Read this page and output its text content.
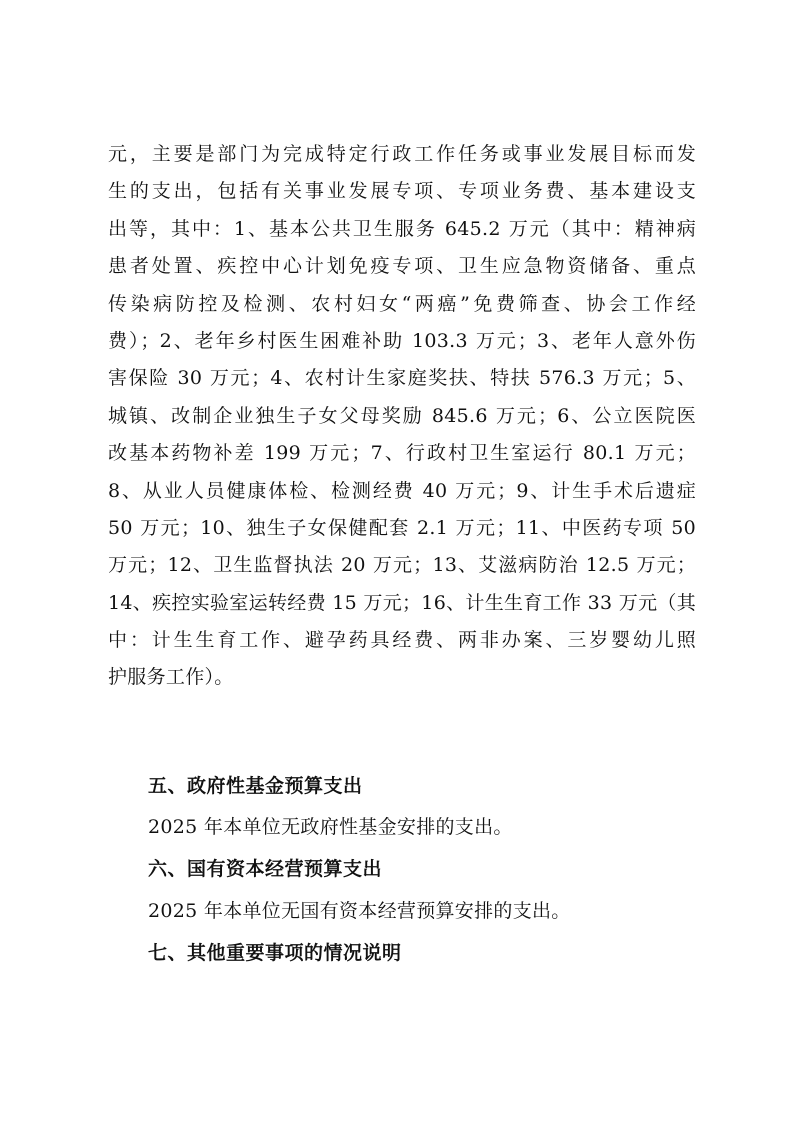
元，主要是部门为完成特定行政工作任务或事业发展目标而发
生的支出，包括有关事业发展专项、专项业务费、基本建设支
出等，其中：1、基本公共卫生服务 645.2 万元（其中：精神病
患者处置、疾控中心计划免疫专项、卫生应急物资储备、重点
传染病防控及检测、农村妇女“两癌”免费筛查、协会工作经
费）；2、老年乡村医生困难补助 103.3 万元；3、老年人意外伤
害保险 30 万元；4、农村计生家庭奖扶、特扶 576.3 万元；5、
城镇、改制企业独生子女父母奖励 845.6 万元；6、公立医院医
改基本药物补差 199 万元；7、行政村卫生室运行 80.1 万元；
8、从业人员健康体检、检测经费 40 万元；9、计生手术后遗症
50 万元；10、独生子女保健配套 2.1 万元；11、中医药专项 50
万元；12、卫生监督执法 20 万元；13、艾滋病防治 12.5 万元；
14、疾控实验室运转经费 15 万元；16、计生生育工作 33 万元（其
中：计生生育工作、避孕药具经费、两非办案、三岁婴幼儿照
护服务工作）。
五、政府性基金预算支出
2025 年本单位无政府性基金安排的支出。
六、国有资本经营预算支出
2025 年本单位无国有资本经营预算安排的支出。
七、其他重要事项的情况说明
